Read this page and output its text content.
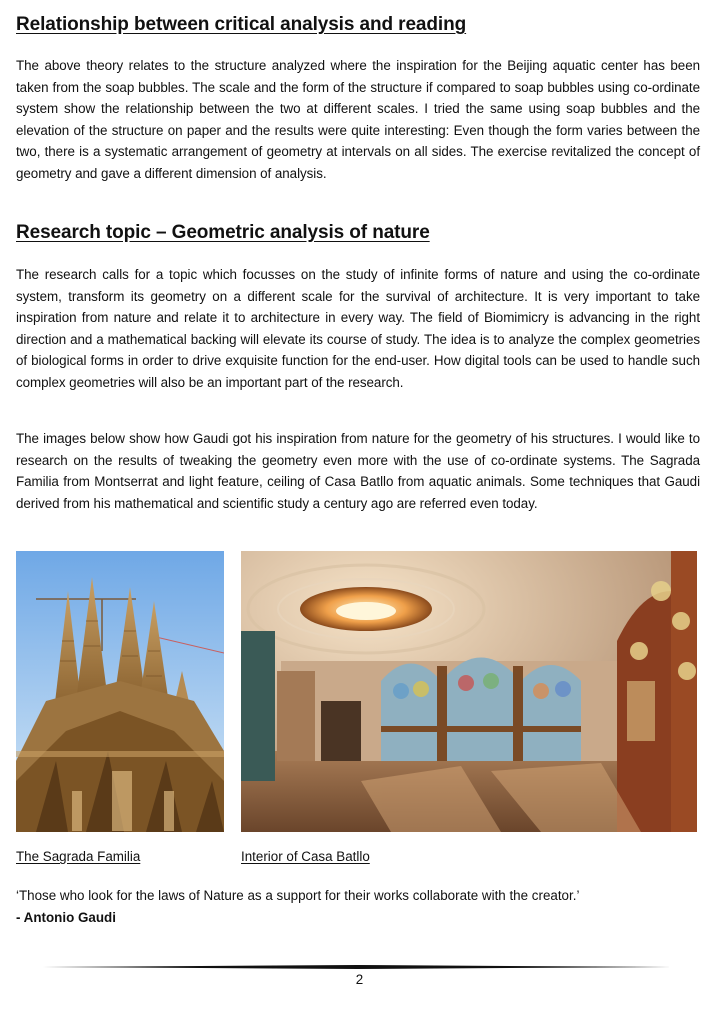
Relationship between critical analysis and reading

The above theory relates to the structure analyzed where the inspiration for the Beijing aquatic center has been taken from the soap bubbles. The scale and the form of the structure if compared to soap bubbles using co-ordinate system show the relationship between the two at different scales. I tried the same using soap bubbles and the elevation of the structure on paper and the results were quite interesting: Even though the form varies between the two, there is a systematic arrangement of geometry at intervals on all sides. The exercise revitalized the concept of geometry and gave a different dimension of analysis.

Research topic – Geometric analysis of nature

The research calls for a topic which focusses on the study of infinite forms of nature and using the co-ordinate system, transform its geometry on a different scale for the survival of architecture. It is very important to take inspiration from nature and relate it to architecture in every way. The field of Biomimicry is advancing in the right direction and a mathematical backing will elevate its course of study. The idea is to analyze the complex geometries of biological forms in order to drive exquisite function for the end-user. How digital tools can be used to handle such complex geometries will also be an important part of the research.

The images below show how Gaudi got his inspiration from nature for the geometry of his structures. I would like to research on the results of tweaking the geometry even more with the use of co-ordinate systems. The Sagrada Familia from Montserrat and light feature, ceiling of Casa Batllo from aquatic animals. Some techniques that Gaudi derived from his mathematical and scientific study a century ago are referred even today.

The Sagrada Familia	Interior of Casa Batllo

‘Those who look for the laws of Nature as a support for their works collaborate with the creator.’
- Antonio Gaudi

2
